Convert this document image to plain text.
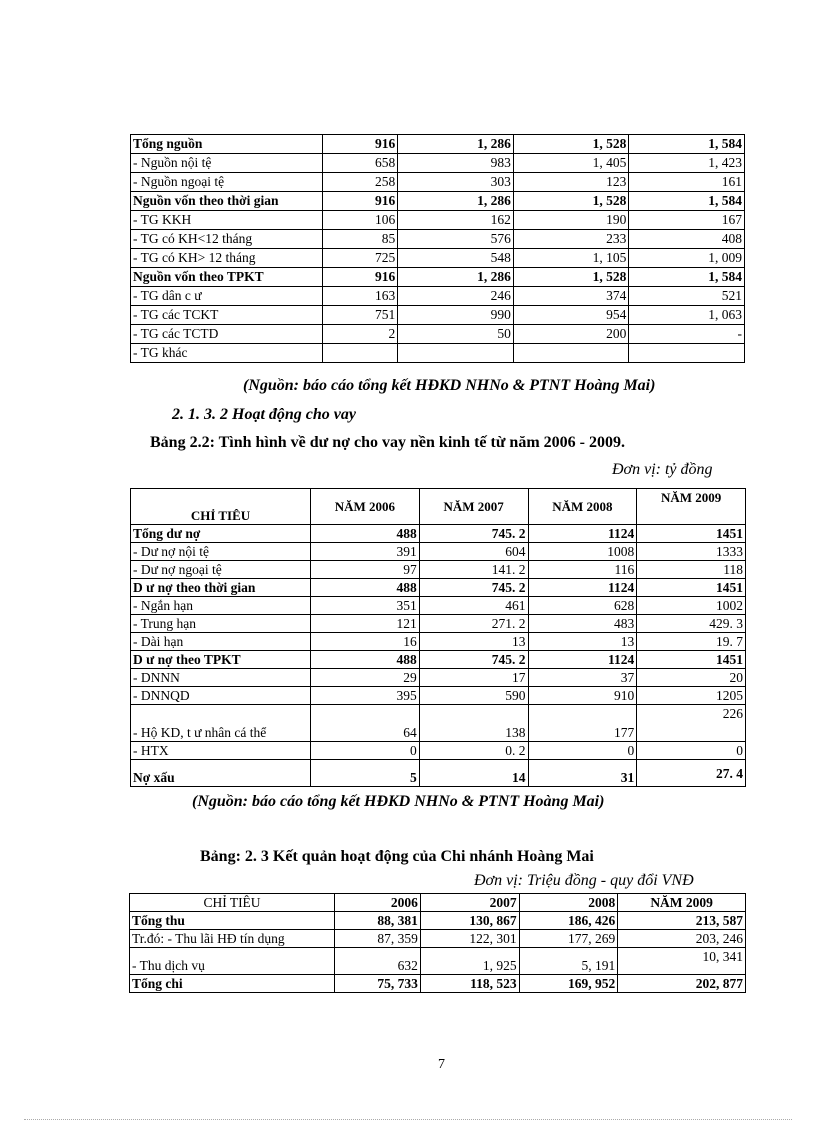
Tổng nguồn	916	1, 286	1, 528	1, 584
- Nguồn nội tệ	658	983	1, 405	1, 423
- Nguồn ngoại tệ	258	303	123	161
Nguồn vốn theo thời gian	916	1, 286	1, 528	1, 584
- TG KKH	106	162	190	167
- TG có KH<12 tháng	85	576	233	408
- TG có KH> 12 tháng	725	548	1, 105	1, 009
Nguồn vốn theo TPKT	916	1, 286	1, 528	1, 584
- TG dân c ư	163	246	374	521
- TG các TCKT	751	990	954	1, 063
- TG các TCTD	2	50	200	-
- TG khác				
(Nguồn: báo cáo tổng kết HĐKD NHNo & PTNT Hoàng Mai)
2. 1. 3. 2 Hoạt động cho vay
Bảng 2.2: Tình hình về dư nợ cho vay nền kinh tế từ năm 2006 - 2009.
Đơn vị: tỷ đồng
CHỈ TIÊU	NĂM 2006	NĂM 2007	NĂM 2008	NĂM 2009
Tổng dư nợ	488	745. 2	1124	1451
- Dư nợ nội tệ	391	604	1008	1333
- Dư nợ ngoại tệ	97	141. 2	116	118
D ư nợ theo thời gian	488	745. 2	1124	1451
- Ngắn hạn	351	461	628	1002
- Trung hạn	121	271. 2	483	429. 3
- Dài hạn	16	13	13	19. 7
D ư nợ theo TPKT	488	745. 2	1124	1451
- DNNN	29	17	37	20
- DNNQD	395	590	910	1205
- Hộ KD, t ư nhân cá thể	64	138	177	226
- HTX	0	0. 2	0	0
Nợ xấu	5	14	31	27. 4
(Nguồn: báo cáo tổng kết HĐKD NHNo & PTNT Hoàng Mai)
Bảng: 2. 3 Kết quản hoạt động của Chi nhánh Hoàng Mai
Đơn vị: Triệu đồng - quy đổi VNĐ
CHỈ TIÊU	2006	2007	2008	NĂM 2009
Tổng thu	88, 381	130, 867	186, 426	213, 587
Tr.đó: - Thu lãi HĐ tín dụng	87, 359	122, 301	177, 269	203, 246
- Thu dịch vụ	632	1, 925	5, 191	10, 341
Tổng chi	75, 733	118, 523	169, 952	202, 877
7
